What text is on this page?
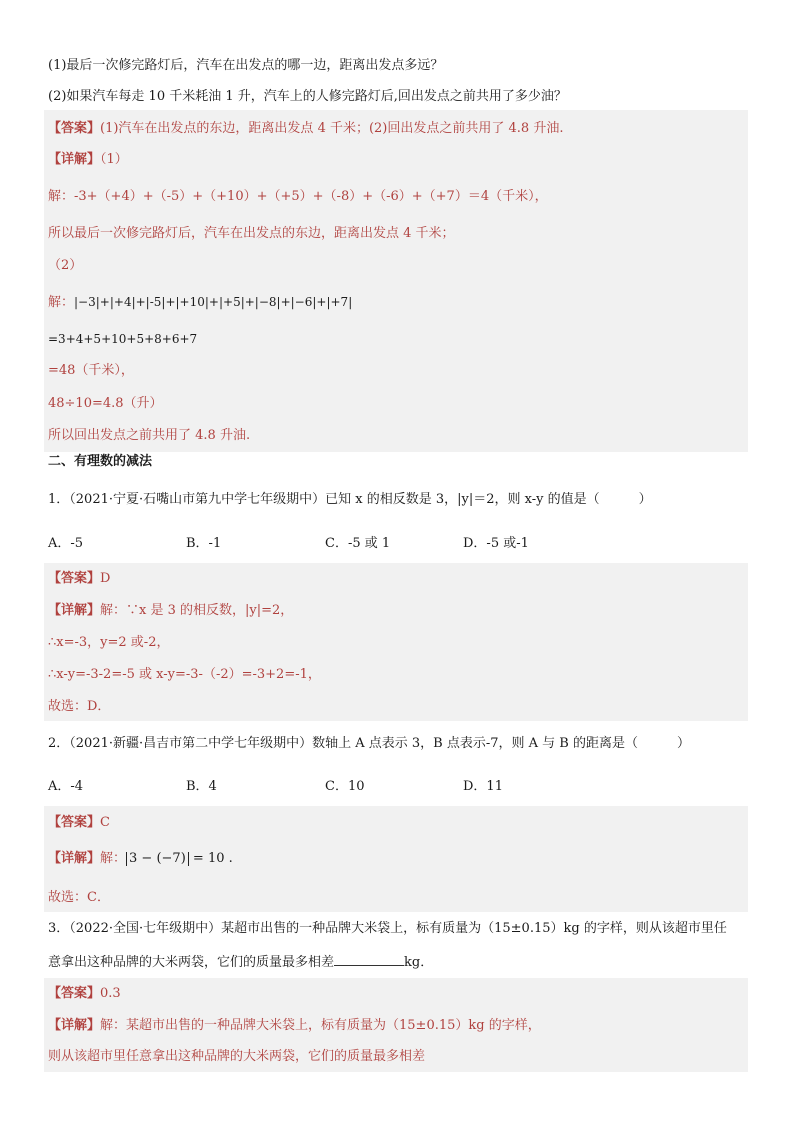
(1)最后一次修完路灯后，汽车在出发点的哪一边，距离出发点多远？
(2)如果汽车每走 10 千米耗油 1 升，汽车上的人修完路灯后,回出发点之前共用了多少油？
【答案】(1)汽车在出发点的东边，距离出发点 4 千米；(2)回出发点之前共用了 4.8 升油.
【详解】（1）
解：-3+（+4）+（-5）+（+10）+（+5）+（-8）+（-6）+（+7）＝4（千米），
所以最后一次修完路灯后，汽车在出发点的东边，距离出发点 4 千米；
（2）
解：|−3|+|+4|+|-5|+|+10|+|+5|+|−8|+|−6|+|+7|
=3+4+5+10+5+8+6+7
=48（千米），
48÷10=4.8（升）
所以回出发点之前共用了 4.8 升油.
二、有理数的减法
1．（2021·宁夏·石嘴山市第九中学七年级期中）已知 x 的相反数是 3，|y|＝2，则 x-y 的值是（　　　）
A．-5	B．-1	C．-5 或 1	D．-5 或-1
【答案】D
【详解】解：∵x 是 3 的相反数，|y|=2，
∴x=-3，y=2 或-2，
∴x-y=-3-2=-5 或 x-y=-3-（-2）=-3+2=-1，
故选：D．
2．（2021·新疆·昌吉市第二中学七年级期中）数轴上 A 点表示 3，B 点表示-7，则 A 与 B 的距离是（　　　）
A．-4	B．4	C．10	D．11
【答案】C
【详解】解： 3 − (−7) = 10 .
故选：C．
3．（2022·全国·七年级期中）某超市出售的一种品牌大米袋上，标有质量为（15±0.15）kg 的字样，则从该超市里任
意拿出这种品牌的大米两袋，它们的质量最多相差	kg．
【答案】0.3
【详解】解：某超市出售的一种品牌大米袋上，标有质量为（15±0.15）kg 的字样，
则从该超市里任意拿出这种品牌的大米两袋，它们的质量最多相差
